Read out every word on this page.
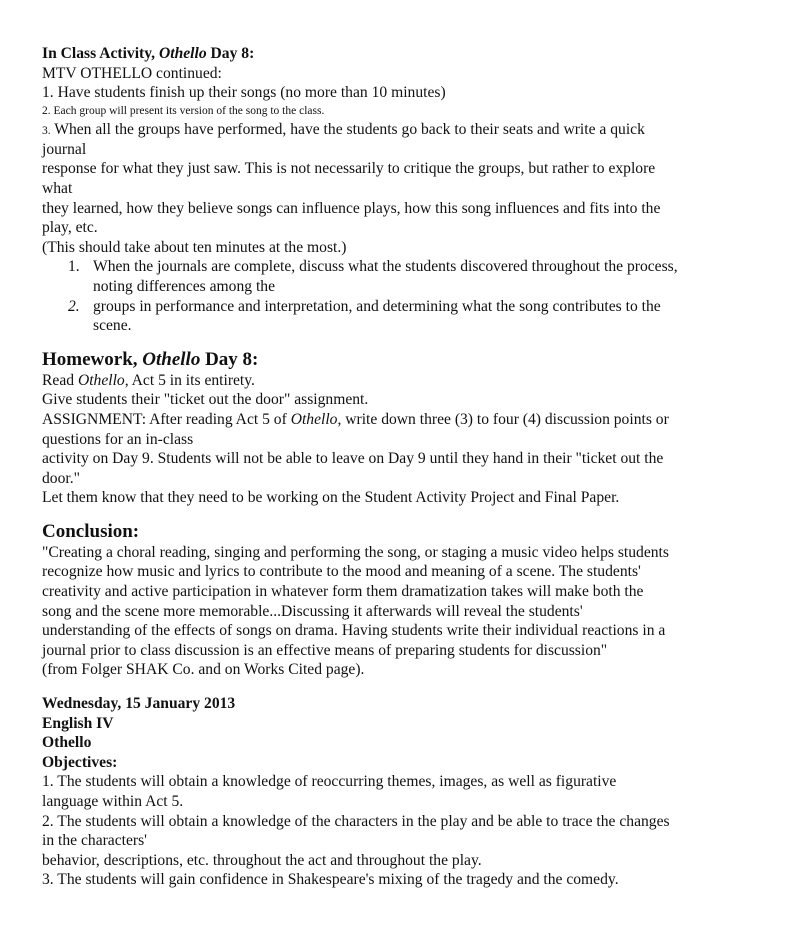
In Class Activity, Othello Day 8:
MTV OTHELLO continued:
1. Have students finish up their songs (no more than 10 minutes)
2. Each group will present its version of the song to the class.
3. When all the groups have performed, have the students go back to their seats and write a quick
journal
response for what they just saw. This is not necessarily to critique the groups, but rather to explore
what
they learned, how they believe songs can influence plays, how this song influences and fits into the
play, etc.
(This should take about ten minutes at the most.)
1. When the journals are complete, discuss what the students discovered throughout the process,
noting differences among the
2. groups in performance and interpretation, and determining what the song contributes to the
scene.
Homework, Othello Day 8:
Read Othello, Act 5 in its entirety.
Give students their "ticket out the door" assignment.
ASSIGNMENT: After reading Act 5 of Othello, write down three (3) to four (4) discussion points or
questions for an in-class
activity on Day 9. Students will not be able to leave on Day 9 until they hand in their "ticket out the
door."
Let them know that they need to be working on the Student Activity Project and Final Paper.
Conclusion:
"Creating a choral reading, singing and performing the song, or staging a music video helps students
recognize how music and lyrics to contribute to the mood and meaning of a scene. The students'
creativity and active participation in whatever form them dramatization takes will make both the
song and the scene more memorable...Discussing it afterwards will reveal the students'
understanding of the effects of songs on drama. Having students write their individual reactions in a
journal prior to class discussion is an effective means of preparing students for discussion"
(from Folger SHAK Co. and on Works Cited page).
Wednesday, 15 January 2013
English IV
Othello
Objectives:
1. The students will obtain a knowledge of reoccurring themes, images, as well as figurative
language within Act 5.
2. The students will obtain a knowledge of the characters in the play and be able to trace the changes
in the characters'
behavior, descriptions, etc. throughout the act and throughout the play.
3. The students will gain confidence in Shakespeare's mixing of the tragedy and the comedy.
